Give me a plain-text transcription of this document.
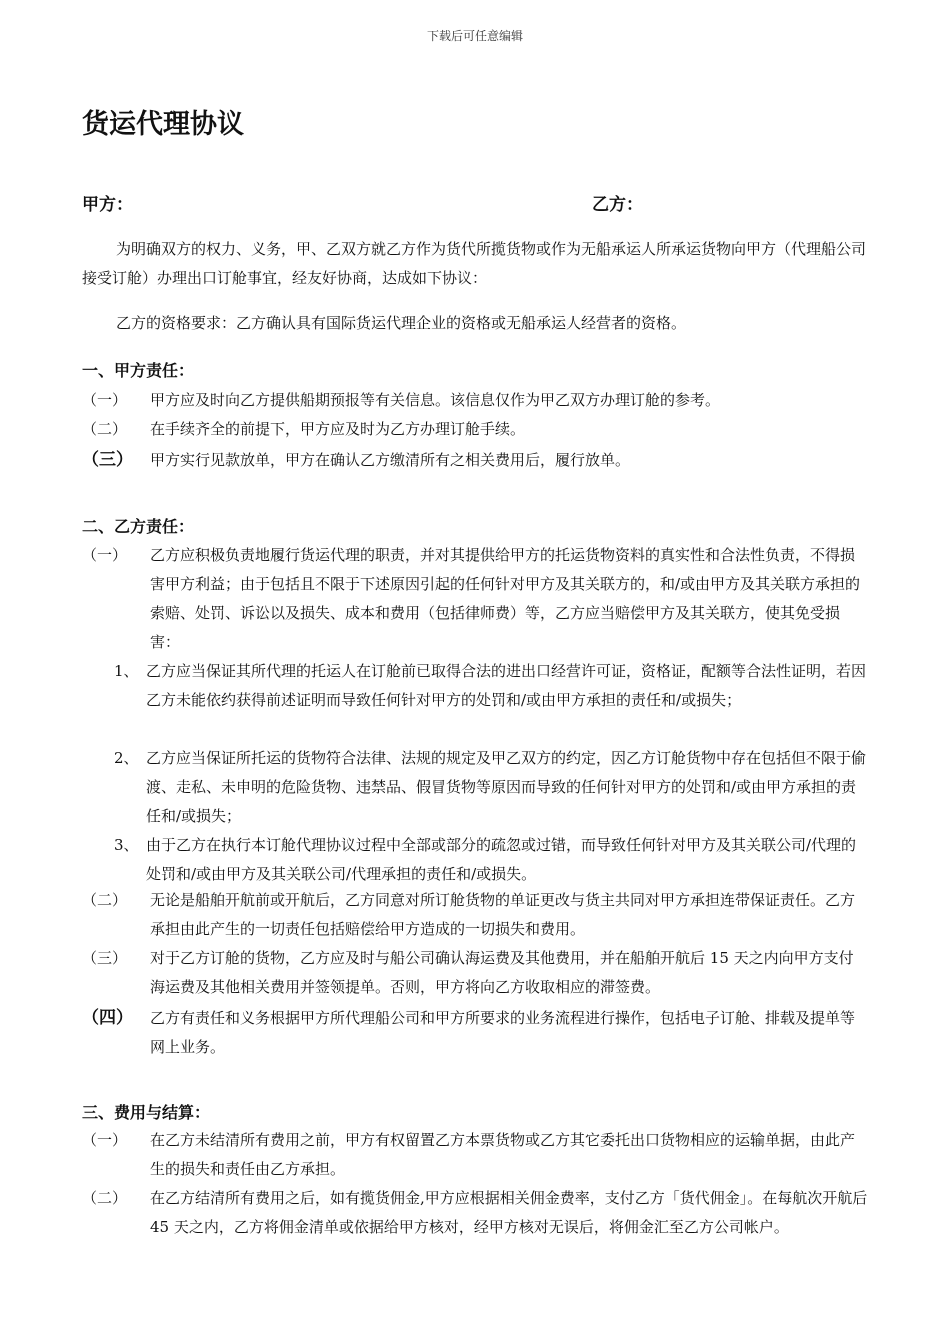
下载后可任意编辑
货运代理协议
甲方：	乙方：

为明确双方的权力、义务，甲、乙双方就乙方作为货代所揽货物或作为无船承运人所承运货物向甲方（代理船公司接受订舱）办理出口订舱事宜，经友好协商，达成如下协议：

乙方的资格要求：乙方确认具有国际货运代理企业的资格或无船承运人经营者的资格。

一、甲方责任：
（一） 甲方应及时向乙方提供船期预报等有关信息。该信息仅作为甲乙双方办理订舱的参考。
（二） 在手续齐全的前提下，甲方应及时为乙方办理订舱手续。
（三） 甲方实行见款放单，甲方在确认乙方缴清所有之相关费用后，履行放单。
二、乙方责任：
（一） 乙方应积极负责地履行货运代理的职责，并对其提供给甲方的托运货物资料的真实性和合法性负责，不得损害甲方利益；由于包括且不限于下述原因引起的任何针对甲方及其关联方的，和/或由甲方及其关联方承担的索赔、处罚、诉讼以及损失、成本和费用（包括律师费）等，乙方应当赔偿甲方及其关联方，使其免受损害：
1、 乙方应当保证其所代理的托运人在订舱前已取得合法的进出口经营许可证，资格证，配额等合法性证明，若因乙方未能依约获得前述证明而导致任何针对甲方的处罚和/或由甲方承担的责任和/或损失；
2、 乙方应当保证所托运的货物符合法律、法规的规定及甲乙双方的约定，因乙方订舱货物中存在包括但不限于偷渡、走私、未申明的危险货物、违禁品、假冒货物等原因而导致的任何针对甲方的处罚和/或由甲方承担的责任和/或损失；
3、 由于乙方在执行本订舱代理协议过程中全部或部分的疏忽或过错，而导致任何针对甲方及其关联公司/代理的处罚和/或由甲方及其关联公司/代理承担的责任和/或损失。
（二） 无论是船舶开航前或开航后，乙方同意对所订舱货物的单证更改与货主共同对甲方承担连带保证责任。乙方承担由此产生的一切责任包括赔偿给甲方造成的一切损失和费用。
（三） 对于乙方订舱的货物，乙方应及时与船公司确认海运费及其他费用，并在船舶开航后 15 天之内向甲方支付海运费及其他相关费用并签领提单。否则，甲方将向乙方收取相应的滞签费。
（四） 乙方有责任和义务根据甲方所代理船公司和甲方所要求的业务流程进行操作，包括电子订舱、排载及提单等网上业务。
三、费用与结算：
（一） 在乙方未结清所有费用之前，甲方有权留置乙方本票货物或乙方其它委托出口货物相应的运输单据，由此产生的损失和责任由乙方承担。
（二） 在乙方结清所有费用之后，如有揽货佣金,甲方应根据相关佣金费率，支付乙方「货代佣金」。在每航次开航后 45 天之内，乙方将佣金清单或依据给甲方核对，经甲方核对无误后，将佣金汇至乙方公司帐户。
